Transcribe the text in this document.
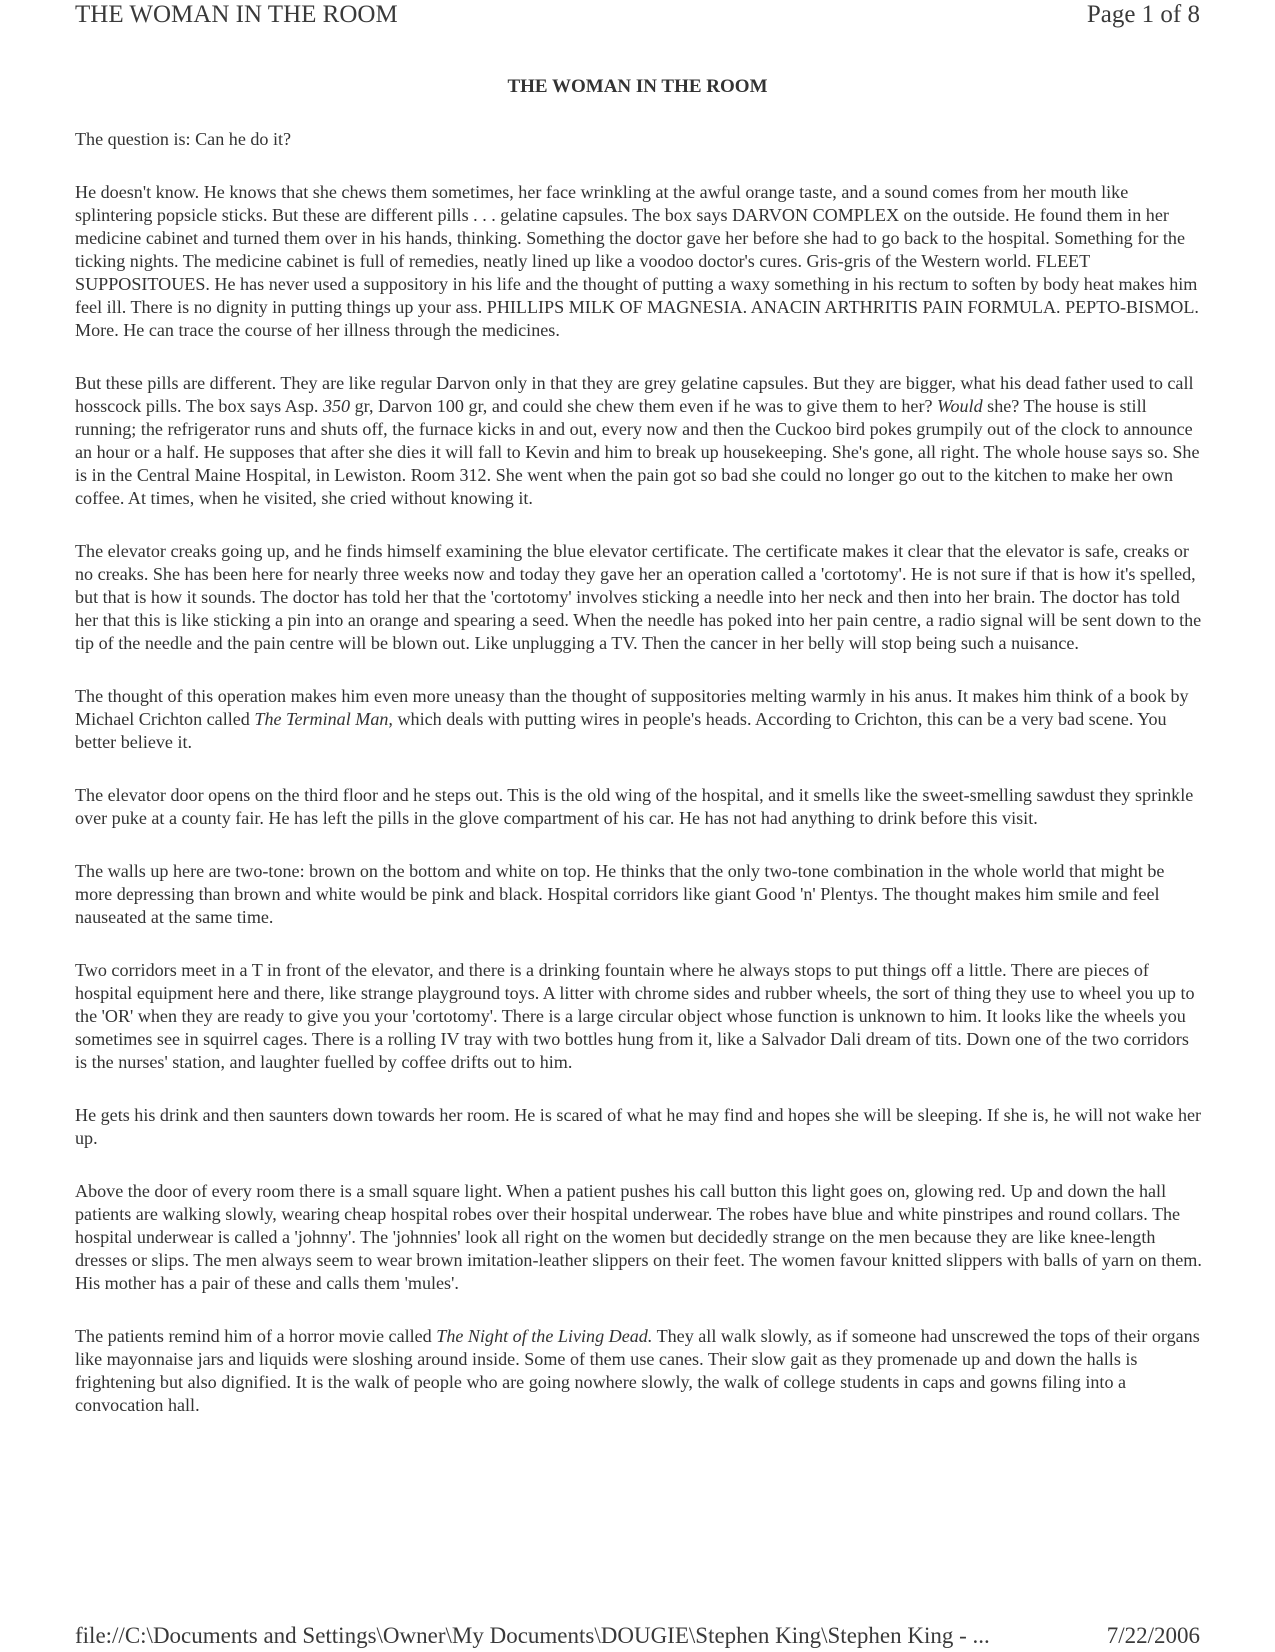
THE WOMAN IN THE ROOM	Page 1 of 8
THE WOMAN IN THE ROOM

The question is: Can he do it?

He doesn't know. He knows that she chews them sometimes, her face wrinkling at the awful orange taste, and a sound comes from her mouth like splintering popsicle sticks. But these are different pills . . . gelatine capsules. The box says DARVON COMPLEX on the outside. He found them in her medicine cabinet and turned them over in his hands, thinking. Something the doctor gave her before she had to go back to the hospital. Something for the ticking nights. The medicine cabinet is full of remedies, neatly lined up like a voodoo doctor's cures. Gris-gris of the Western world. FLEET SUPPOSITOUES. He has never used a suppository in his life and the thought of putting a waxy something in his rectum to soften by body heat makes him feel ill. There is no dignity in putting things up your ass. PHILLIPS MILK OF MAGNESIA. ANACIN ARTHRITIS PAIN FORMULA. PEPTO-BISMOL. More. He can trace the course of her illness through the medicines.

But these pills are different. They are like regular Darvon only in that they are grey gelatine capsules. But they are bigger, what his dead father used to call hosscock pills. The box says Asp. 350 gr, Darvon 100 gr, and could she chew them even if he was to give them to her? Would she? The house is still running; the refrigerator runs and shuts off, the furnace kicks in and out, every now and then the Cuckoo bird pokes grumpily out of the clock to announce an hour or a half. He supposes that after she dies it will fall to Kevin and him to break up housekeeping. She's gone, all right. The whole house says so. She is in the Central Maine Hospital, in Lewiston. Room 312. She went when the pain got so bad she could no longer go out to the kitchen to make her own coffee. At times, when he visited, she cried without knowing it.

The elevator creaks going up, and he finds himself examining the blue elevator certificate. The certificate makes it clear that the elevator is safe, creaks or no creaks. She has been here for nearly three weeks now and today they gave her an operation called a 'cortotomy'. He is not sure if that is how it's spelled, but that is how it sounds. The doctor has told her that the 'cortotomy' involves sticking a needle into her neck and then into her brain. The doctor has told her that this is like sticking a pin into an orange and spearing a seed. When the needle has poked into her pain centre, a radio signal will be sent down to the tip of the needle and the pain centre will be blown out. Like unplugging a TV. Then the cancer in her belly will stop being such a nuisance.

The thought of this operation makes him even more uneasy than the thought of suppositories melting warmly in his anus. It makes him think of a book by Michael Crichton called The Terminal Man, which deals with putting wires in people's heads. According to Crichton, this can be a very bad scene. You better believe it.

The elevator door opens on the third floor and he steps out. This is the old wing of the hospital, and it smells like the sweet-smelling sawdust they sprinkle over puke at a county fair. He has left the pills in the glove compartment of his car. He has not had anything to drink before this visit.

The walls up here are two-tone: brown on the bottom and white on top. He thinks that the only two-tone combination in the whole world that might be more depressing than brown and white would be pink and black. Hospital corridors like giant Good 'n' Plentys. The thought makes him smile and feel nauseated at the same time.

Two corridors meet in a T in front of the elevator, and there is a drinking fountain where he always stops to put things off a little. There are pieces of hospital equipment here and there, like strange playground toys. A litter with chrome sides and rubber wheels, the sort of thing they use to wheel you up to the 'OR' when they are ready to give you your 'cortotomy'. There is a large circular object whose function is unknown to him. It looks like the wheels you sometimes see in squirrel cages. There is a rolling IV tray with two bottles hung from it, like a Salvador Dali dream of tits. Down one of the two corridors is the nurses' station, and laughter fuelled by coffee drifts out to him.

He gets his drink and then saunters down towards her room. He is scared of what he may find and hopes she will be sleeping. If she is, he will not wake her up.

Above the door of every room there is a small square light. When a patient pushes his call button this light goes on, glowing red. Up and down the hall patients are walking slowly, wearing cheap hospital robes over their hospital underwear. The robes have blue and white pinstripes and round collars. The hospital underwear is called a 'johnny'. The 'johnnies' look all right on the women but decidedly strange on the men because they are like knee-length dresses or slips. The men always seem to wear brown imitation-leather slippers on their feet. The women favour knitted slippers with balls of yarn on them. His mother has a pair of these and calls them 'mules'.

The patients remind him of a horror movie called The Night of the Living Dead. They all walk slowly, as if someone had unscrewed the tops of their organs like mayonnaise jars and liquids were sloshing around inside. Some of them use canes. Their slow gait as they promenade up and down the halls is frightening but also dignified. It is the walk of people who are going nowhere slowly, the walk of college students in caps and gowns filing into a convocation hall.

file://C:\Documents and Settings\Owner\My Documents\DOUGIE\Stephen King\Stephen King - ...	7/22/2006
